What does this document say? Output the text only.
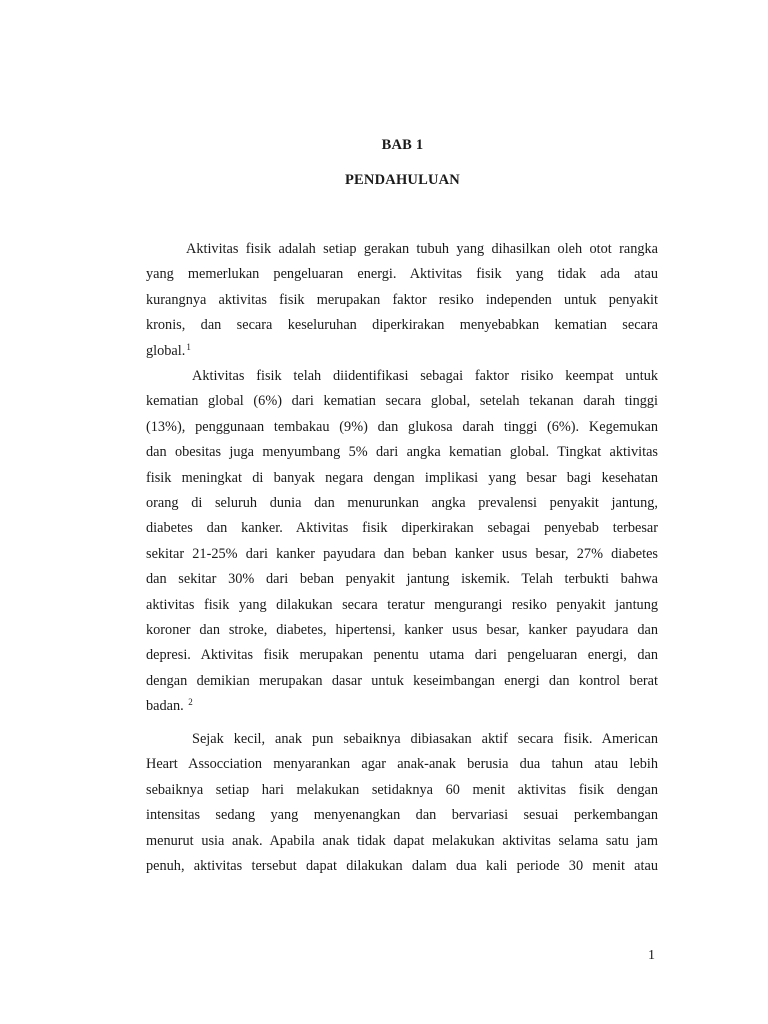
BAB 1
PENDAHULUAN
Aktivitas fisik adalah setiap gerakan tubuh yang dihasilkan oleh otot rangka
yang memerlukan pengeluaran energi. Aktivitas fisik yang tidak ada atau
kurangnya aktivitas fisik merupakan faktor resiko independen untuk penyakit
kronis, dan secara keseluruhan diperkirakan menyebabkan kematian secara
global.$^1$
Aktivitas fisik telah diidentifikasi sebagai faktor risiko keempat untuk
kematian global (6%) dari kematian secara global, setelah tekanan darah tinggi
(13%), penggunaan tembakau (9%) dan glukosa darah tinggi (6%). Kegemukan
dan obesitas juga menyumbang 5% dari angka kematian global. Tingkat aktivitas
fisik meningkat di banyak negara dengan implikasi yang besar bagi kesehatan
orang di seluruh dunia dan menurunkan angka prevalensi penyakit jantung,
diabetes dan kanker. Aktivitas fisik diperkirakan sebagai penyebab terbesar
sekitar 21-25% dari kanker payudara dan beban kanker usus besar, 27% diabetes
dan sekitar 30% dari beban penyakit jantung iskemik. Telah terbukti bahwa
aktivitas fisik yang dilakukan secara teratur mengurangi resiko penyakit jantung
koroner dan stroke, diabetes, hipertensi, kanker usus besar, kanker payudara dan
depresi. Aktivitas fisik merupakan penentu utama dari pengeluaran energi, dan
dengan demikian merupakan dasar untuk keseimbangan energi dan kontrol berat
badan. $^2$
Sejak kecil, anak pun sebaiknya dibiasakan aktif secara fisik. American
Heart Assocciation menyarankan agar anak-anak berusia dua tahun atau lebih
sebaiknya setiap hari melakukan setidaknya 60 menit aktivitas fisik dengan
intensitas sedang yang menyenangkan dan bervariasi sesuai perkembangan
menurut usia anak. Apabila anak tidak dapat melakukan aktivitas selama satu jam
penuh, aktivitas tersebut dapat dilakukan dalam dua kali periode 30 menit atau
1
